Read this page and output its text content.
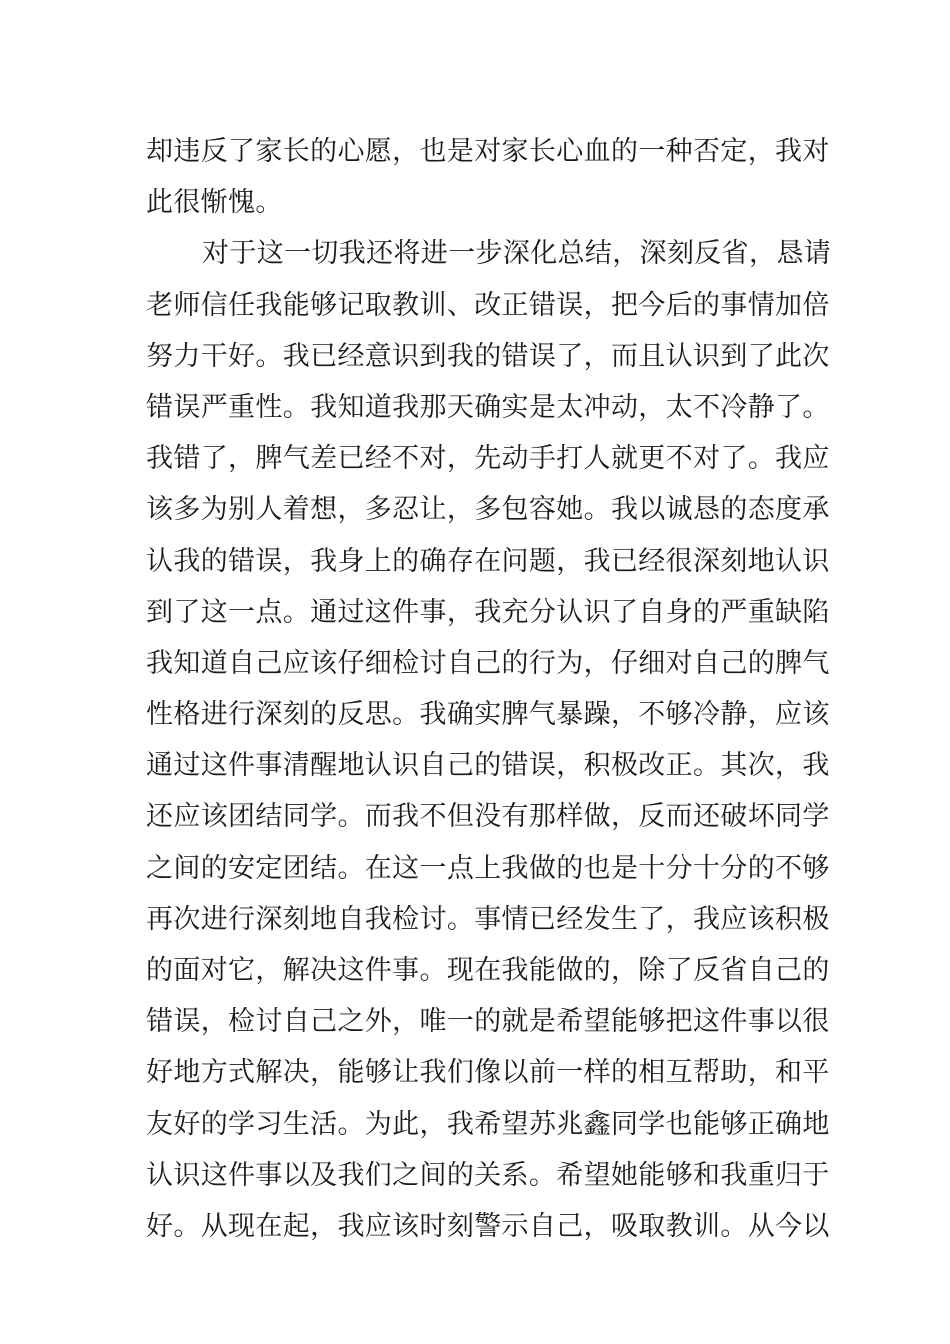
却违反了家长的心愿，也是对家长心血的一种否定，我对
此很惭愧。
对于这一切我还将进一步深化总结，深刻反省，恳请
老师信任我能够记取教训、改正错误，把今后的事情加倍
努力干好。我已经意识到我的错误了，而且认识到了此次
错误严重性。我知道我那天确实是太冲动，太不冷静了。
我错了，脾气差已经不对，先动手打人就更不对了。我应
该多为别人着想，多忍让，多包容她。我以诚恳的态度承
认我的错误，我身上的确存在问题，我已经很深刻地认识
到了这一点。通过这件事，我充分认识了自身的严重缺陷
我知道自己应该仔细检讨自己的行为，仔细对自己的脾气
性格进行深刻的反思。我确实脾气暴躁，不够冷静，应该
通过这件事清醒地认识自己的错误，积极改正。其次，我
还应该团结同学。而我不但没有那样做，反而还破坏同学
之间的安定团结。在这一点上我做的也是十分十分的不够
再次进行深刻地自我检讨。事情已经发生了，我应该积极
的面对它，解决这件事。现在我能做的，除了反省自己的
错误，检讨自己之外，唯一的就是希望能够把这件事以很
好地方式解决，能够让我们像以前一样的相互帮助，和平
友好的学习生活。为此，我希望苏兆鑫同学也能够正确地
认识这件事以及我们之间的关系。希望她能够和我重归于
好。从现在起，我应该时刻警示自己，吸取教训。从今以
